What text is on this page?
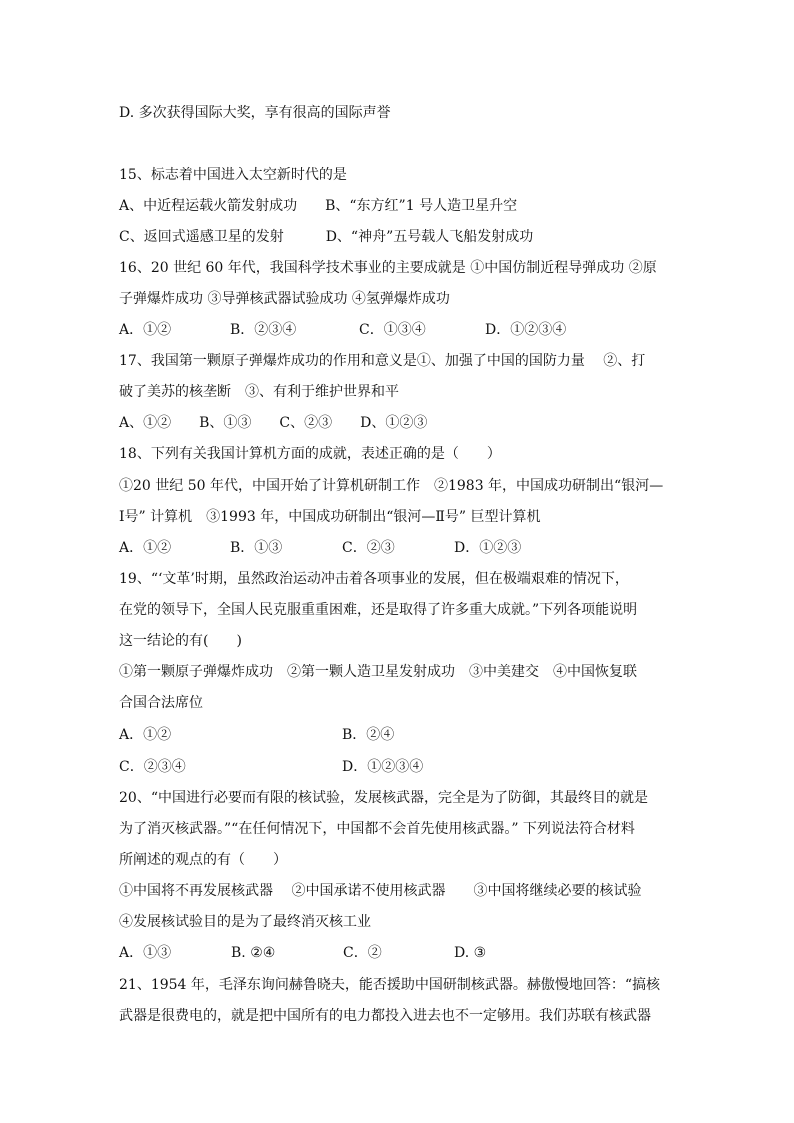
D. 多次获得国际大奖，享有很高的国际声誉
15、标志着中国进入太空新时代的是
A、中近程运载火箭发射成功　　B、“东方红”1 号人造卫星升空
C、返回式遥感卫星的发射　　　D、“神舟”五号载人飞船发射成功
16、20 世纪 60 年代，我国科学技术事业的主要成就是 ①中国仿制近程导弹成功 ②原
子弹爆炸成功 ③导弹核武器试验成功 ④氢弹爆炸成功
A．①②	B．②③④	C．①③④	D．①②③④
17、我国第一颗原子弹爆炸成功的作用和意义是①、加强了中国的国防力量　 ②、打
破了美苏的核垄断　③、有利于维护世界和平
A、①②　　B、①③　　C、②③　　D、①②③
18、下列有关我国计算机方面的成就，表述正确的是（　　）
①20 世纪 50 年代，中国开始了计算机研制工作　②1983 年，中国成功研制出“银河—
Ⅰ号” 计算机　③1993 年，中国成功研制出“银河—Ⅱ号” 巨型计算机
A．①②	B．①③	C．②③	D．①②③
19、“‘文革’时期，虽然政治运动冲击着各项事业的发展，但在极端艰难的情况下，
在党的领导下，全国人民克服重重困难，还是取得了许多重大成就。”下列各项能说明
这一结论的有(　　)
①第一颗原子弹爆炸成功　②第一颗人造卫星发射成功　③中美建交　④中国恢复联
合国合法席位
A．①②	B．②④
C．②③④	D．①②③④
20、“中国进行必要而有限的核试验，发展核武器，完全是为了防御，其最终目的就是
为了消灭核武器。”“在任何情况下，中国都不会首先使用核武器。” 下列说法符合材料
所阐述的观点的有（　　）
①中国将不再发展核武器　 ②中国承诺不使用核武器　　③中国将继续必要的核试验
④发展核试验目的是为了最终消灭核工业
A．①③	B. ②④	C．②	D. ③
21、1954 年，毛泽东询问赫鲁晓夫，能否援助中国研制核武器。赫傲慢地回答：“搞核
武器是很费电的，就是把中国所有的电力都投入进去也不一定够用。我们苏联有核武器
